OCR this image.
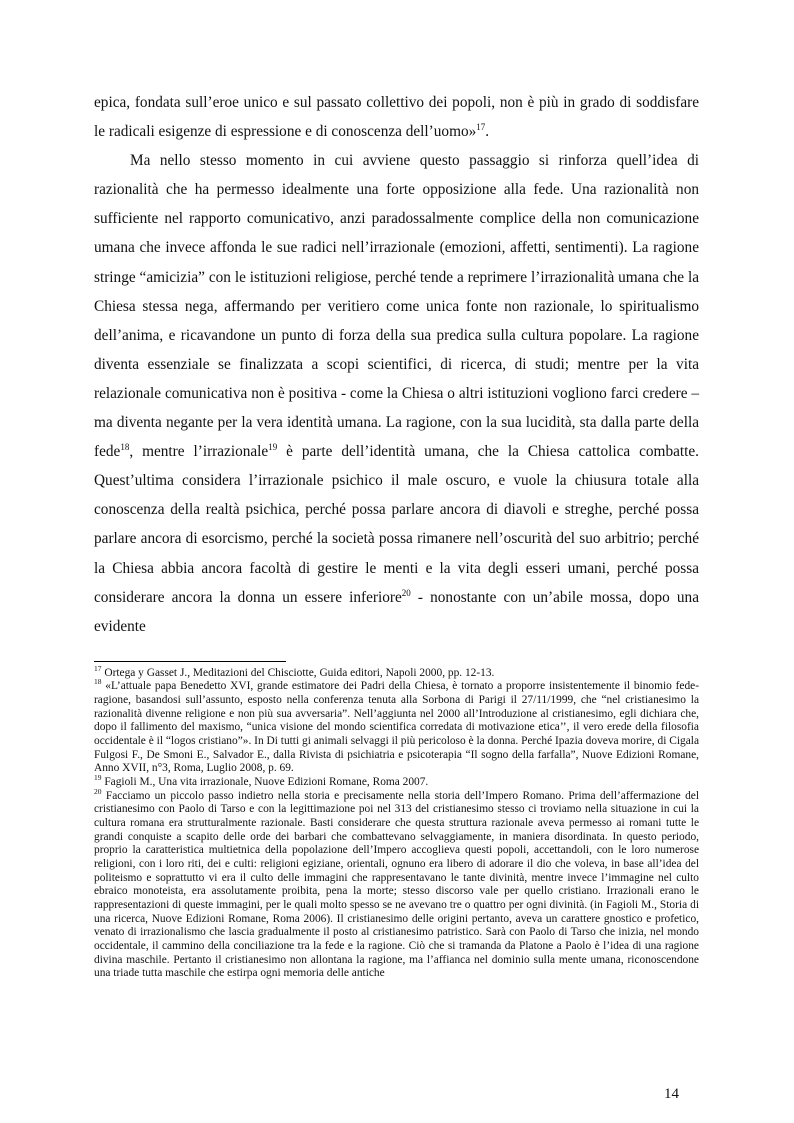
epica, fondata sull’eroe unico e sul passato collettivo dei popoli, non è più in grado di soddisfare le radicali esigenze di espressione e di conoscenza dell’uomo»$^{17}$.

Ma nello stesso momento in cui avviene questo passaggio si rinforza quell’idea di razionalità che ha permesso idealmente una forte opposizione alla fede. Una razionalità non sufficiente nel rapporto comunicativo, anzi paradossalmente complice della non comunicazione umana che invece affonda le sue radici nell’irrazionale (emozioni, affetti, sentimenti). La ragione stringe “amicizia” con le istituzioni religiose, perché tende a reprimere l’irrazionalità umana che la Chiesa stessa nega, affermando per veritiero come unica fonte non razionale, lo spiritualismo dell’anima, e ricavandone un punto di forza della sua predica sulla cultura popolare. La ragione diventa essenziale se finalizzata a scopi scientifici, di ricerca, di studi; mentre per la vita relazionale comunicativa non è positiva - come la Chiesa o altri istituzioni vogliono farci credere – ma diventa negante per la vera identità umana. La ragione, con la sua lucidità, sta dalla parte della fede$^{18}$, mentre l’irrazionale$^{19}$ è parte dell’identità umana, che la Chiesa cattolica combatte. Quest’ultima considera l’irrazionale psichico il male oscuro, e vuole la chiusura totale alla conoscenza della realtà psichica, perché possa parlare ancora di diavoli e streghe, perché possa parlare ancora di esorcismo, perché la società possa rimanere nell’oscurità del suo arbitrio; perché la Chiesa abbia ancora facoltà di gestire le menti e la vita degli esseri umani, perché possa considerare ancora la donna un essere inferiore$^{20}$ - nonostante con un’abile mossa, dopo una evidente

$^{17}$ Ortega y Gasset J., Meditazioni del Chisciotte, Guida editori, Napoli 2000, pp. 12-13.

$^{18}$ «L’attuale papa Benedetto XVI, grande estimatore dei Padri della Chiesa, è tornato a proporre insistentemente il binomio fede-ragione, basandosi sull’assunto, esposto nella conferenza tenuta alla Sorbona di Parigi il 27/11/1999, che “nel cristianesimo la razionalità divenne religione e non più sua avversaria”. Nell’aggiunta nel 2000 all’Introduzione al cristianesimo, egli dichiara che, dopo il fallimento del maxismo, “unica visione del mondo scientifica corredata di motivazione etica’’, il vero erede della filosofia occidentale è il “logos cristiano”». In Di tutti gi animali selvaggi il più pericoloso è la donna. Perché Ipazia doveva morire, di Cigala Fulgosi F., De Smoni E., Salvador E., dalla Rivista di psichiatria e psicoterapia “Il sogno della farfalla”, Nuove Edizioni Romane, Anno XVII, n°3, Roma, Luglio 2008, p. 69.

$^{19}$ Fagioli M., Una vita irrazionale, Nuove Edizioni Romane, Roma 2007.

$^{20}$ Facciamo un piccolo passo indietro nella storia e precisamente nella storia dell’Impero Romano. Prima dell’affermazione del cristianesimo con Paolo di Tarso e con la legittimazione poi nel 313 del cristianesimo stesso ci troviamo nella situazione in cui la cultura romana era strutturalmente razionale. Basti considerare che questa struttura razionale aveva permesso ai romani tutte le grandi conquiste a scapito delle orde dei barbari che combattevano selvaggiamente, in maniera disordinata. In questo periodo, proprio la caratteristica multietnica della popolazione dell’Impero accoglieva questi popoli, accettandoli, con le loro numerose religioni, con i loro riti, dei e culti: religioni egiziane, orientali, ognuno era libero di adorare il dio che voleva, in base all’idea del politeismo e soprattutto vi era il culto delle immagini che rappresentavano le tante divinità, mentre invece l’immagine nel culto ebraico monoteista, era assolutamente proibita, pena la morte; stesso discorso vale per quello cristiano. Irrazionali erano le rappresentazioni di queste immagini, per le quali molto spesso se ne avevano tre o quattro per ogni divinità. (in Fagioli M., Storia di una ricerca, Nuove Edizioni Romane, Roma 2006). Il cristianesimo delle origini pertanto, aveva un carattere gnostico e profetico, venato di irrazionalismo che lascia gradualmente il posto al cristianesimo patristico. Sarà con Paolo di Tarso che inizia, nel mondo occidentale, il cammino della conciliazione tra la fede e la ragione. Ciò che si tramanda da Platone a Paolo è l’idea di una ragione divina maschile. Pertanto il cristianesimo non allontana la ragione, ma l’affianca nel dominio sulla mente umana, riconoscendone una triade tutta maschile che estirpa ogni memoria delle antiche

14
